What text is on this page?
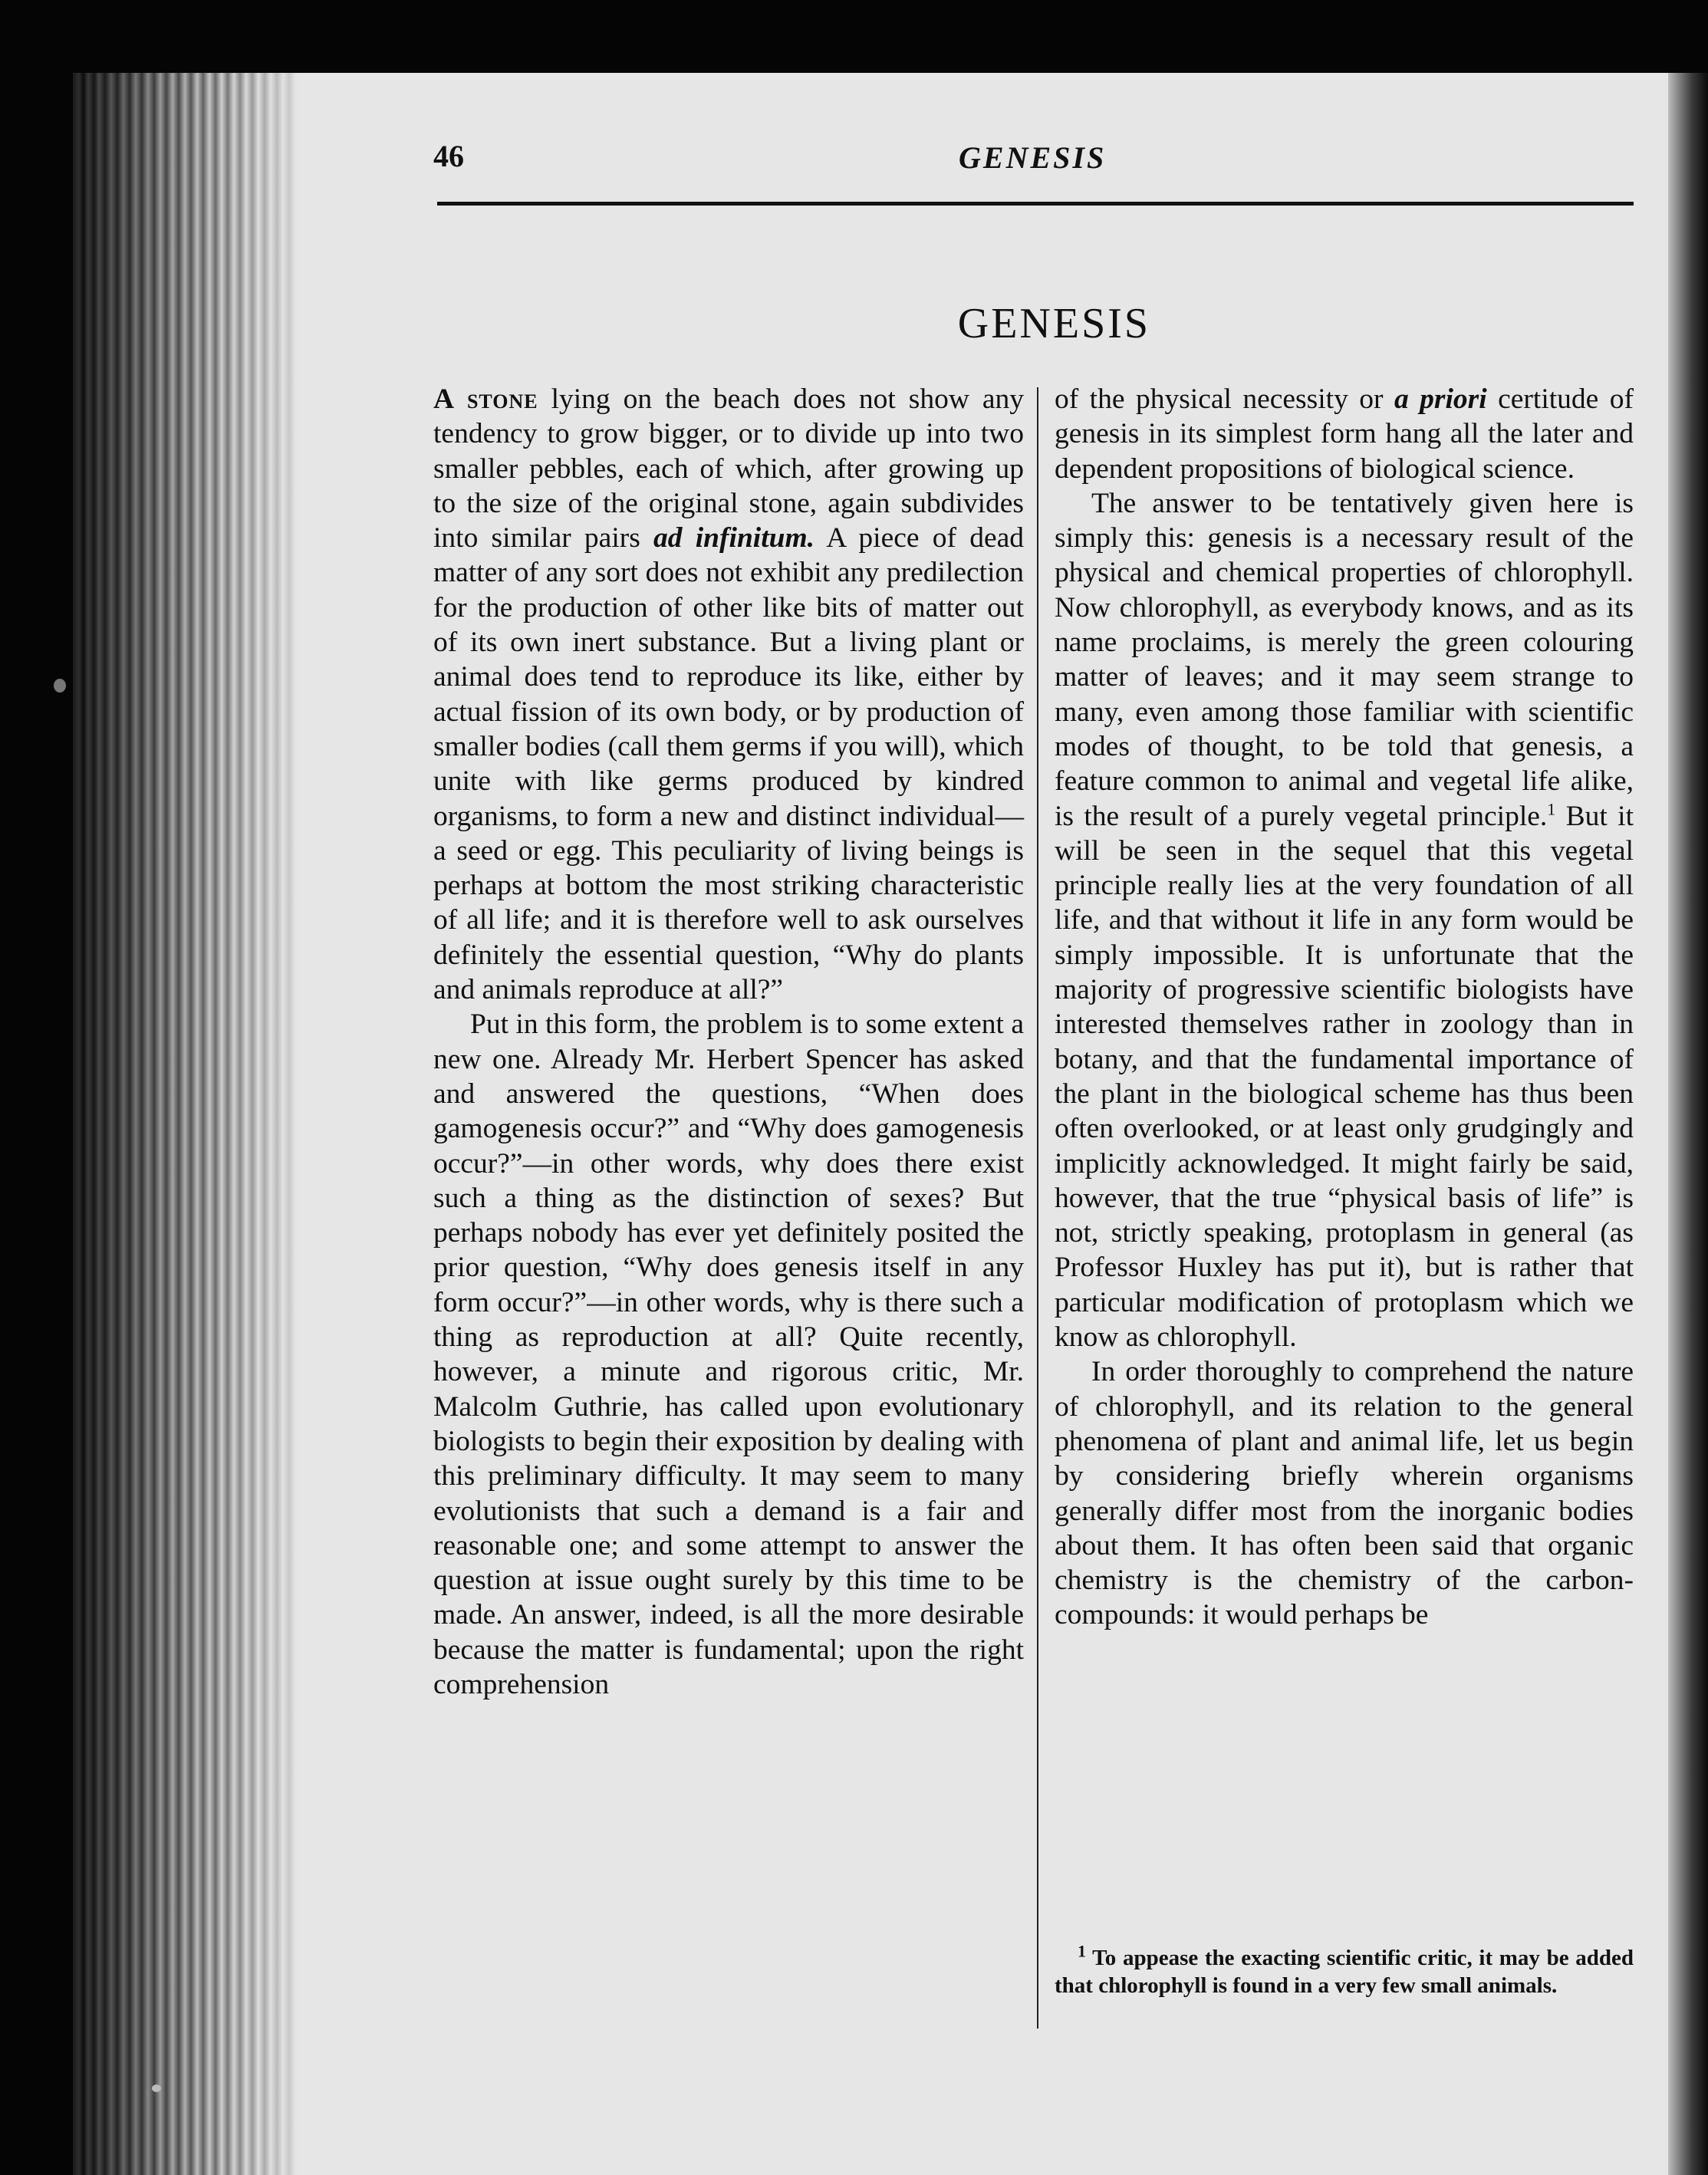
46	GENESIS
GENESIS

A stone lying on the beach does not show any tendency to grow bigger, or to divide up into two smaller pebbles, each of which, after growing up to the size of the original stone, again subdivides into similar pairs ad infinitum. A piece of dead matter of any sort does not exhibit any predilection for the production of other like bits of matter out of its own inert substance. But a living plant or animal does tend to reproduce its like, either by actual fission of its own body, or by production of smaller bodies (call them germs if you will), which unite with like germs produced by kindred organisms, to form a new and distinct individual—a seed or egg. This peculiarity of living beings is perhaps at bottom the most striking characteristic of all life; and it is therefore well to ask ourselves definitely the essential question, “Why do plants and animals reproduce at all?”

Put in this form, the problem is to some extent a new one. Already Mr. Herbert Spencer has asked and answered the questions, “When does gamogenesis occur?” and “Why does gamogenesis occur?”—in other words, why does there exist such a thing as the distinction of sexes? But perhaps nobody has ever yet definitely posited the prior question, “Why does genesis itself in any form occur?”—in other words, why is there such a thing as reproduction at all? Quite recently, however, a minute and rigorous critic, Mr. Malcolm Guthrie, has called upon evolutionary biologists to begin their exposition by dealing with this preliminary difficulty. It may seem to many evolutionists that such a demand is a fair and reasonable one; and some attempt to answer the question at issue ought surely by this time to be made. An answer, indeed, is all the more desirable because the matter is fundamental; upon the right comprehension

of the physical necessity or a priori certitude of genesis in its simplest form hang all the later and dependent propositions of biological science.

The answer to be tentatively given here is simply this: genesis is a necessary result of the physical and chemical properties of chlorophyll. Now chlorophyll, as everybody knows, and as its name proclaims, is merely the green colouring matter of leaves; and it may seem strange to many, even among those familiar with scientific modes of thought, to be told that genesis, a feature common to animal and vegetal life alike, is the result of a purely vegetal principle.$^1$ But it will be seen in the sequel that this vegetal principle really lies at the very foundation of all life, and that without it life in any form would be simply impossible. It is unfortunate that the majority of progressive scientific biologists have interested themselves rather in zoology than in botany, and that the fundamental importance of the plant in the biological scheme has thus been often overlooked, or at least only grudgingly and implicitly acknowledged. It might fairly be said, however, that the true “physical basis of life” is not, strictly speaking, protoplasm in general (as Professor Huxley has put it), but is rather that particular modification of protoplasm which we know as chlorophyll.

In order thoroughly to comprehend the nature of chlorophyll, and its relation to the general phenomena of plant and animal life, let us begin by considering briefly wherein organisms generally differ most from the inorganic bodies about them. It has often been said that organic chemistry is the chemistry of the carbon-compounds: it would perhaps be

$^1$ To appease the exacting scientific critic, it may be added that chlorophyll is found in a very few small animals.
